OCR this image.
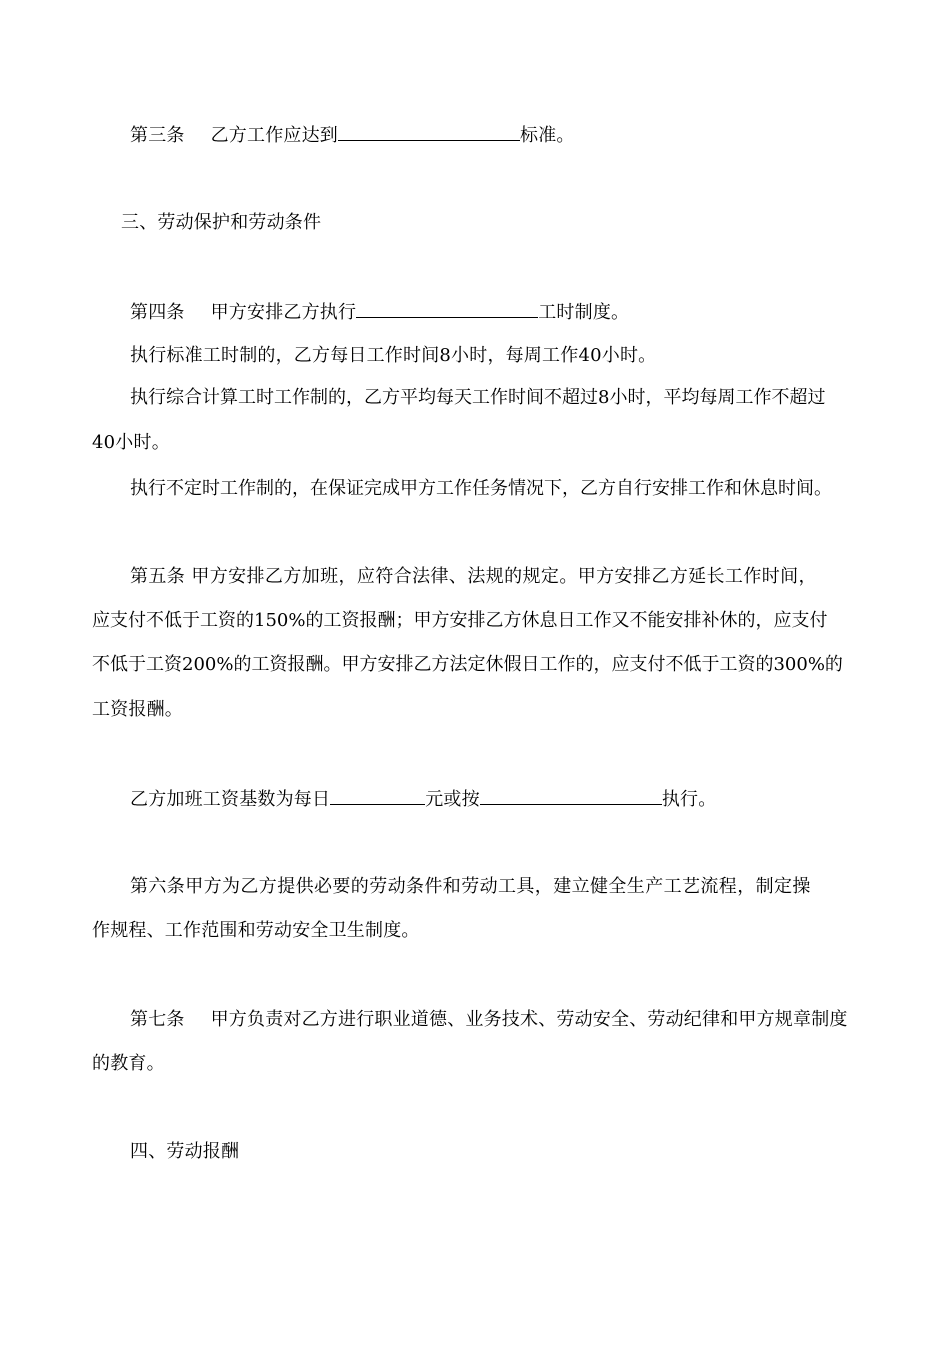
第三条 乙方工作应达到	标准。
三、劳动保护和劳动条件
第四条 甲方安排乙方执行	工时制度。
执行标准工时制的，乙方每日工作时间8小时，每周工作40小时。
执行综合计算工时工作制的，乙方平均每天工作时间不超过8小时，平均每周工作不超过
40小时。
执行不定时工作制的，在保证完成甲方工作任务情况下，乙方自行安排工作和休息时间。
第五条 甲方安排乙方加班，应符合法律、法规的规定。甲方安排乙方延长工作时间，
应支付不低于工资的150%的工资报酬；甲方安排乙方休息日工作又不能安排补休的，应支付
不低于工资200%的工资报酬。甲方安排乙方法定休假日工作的，应支付不低于工资的300%的
工资报酬。
乙方加班工资基数为每日	元或按	执行。
第六条甲方为乙方提供必要的劳动条件和劳动工具，建立健全生产工艺流程，制定操
作规程、工作范围和劳动安全卫生制度。
第七条 甲方负责对乙方进行职业道德、业务技术、劳动安全、劳动纪律和甲方规章制度
的教育。
四、劳动报酬
